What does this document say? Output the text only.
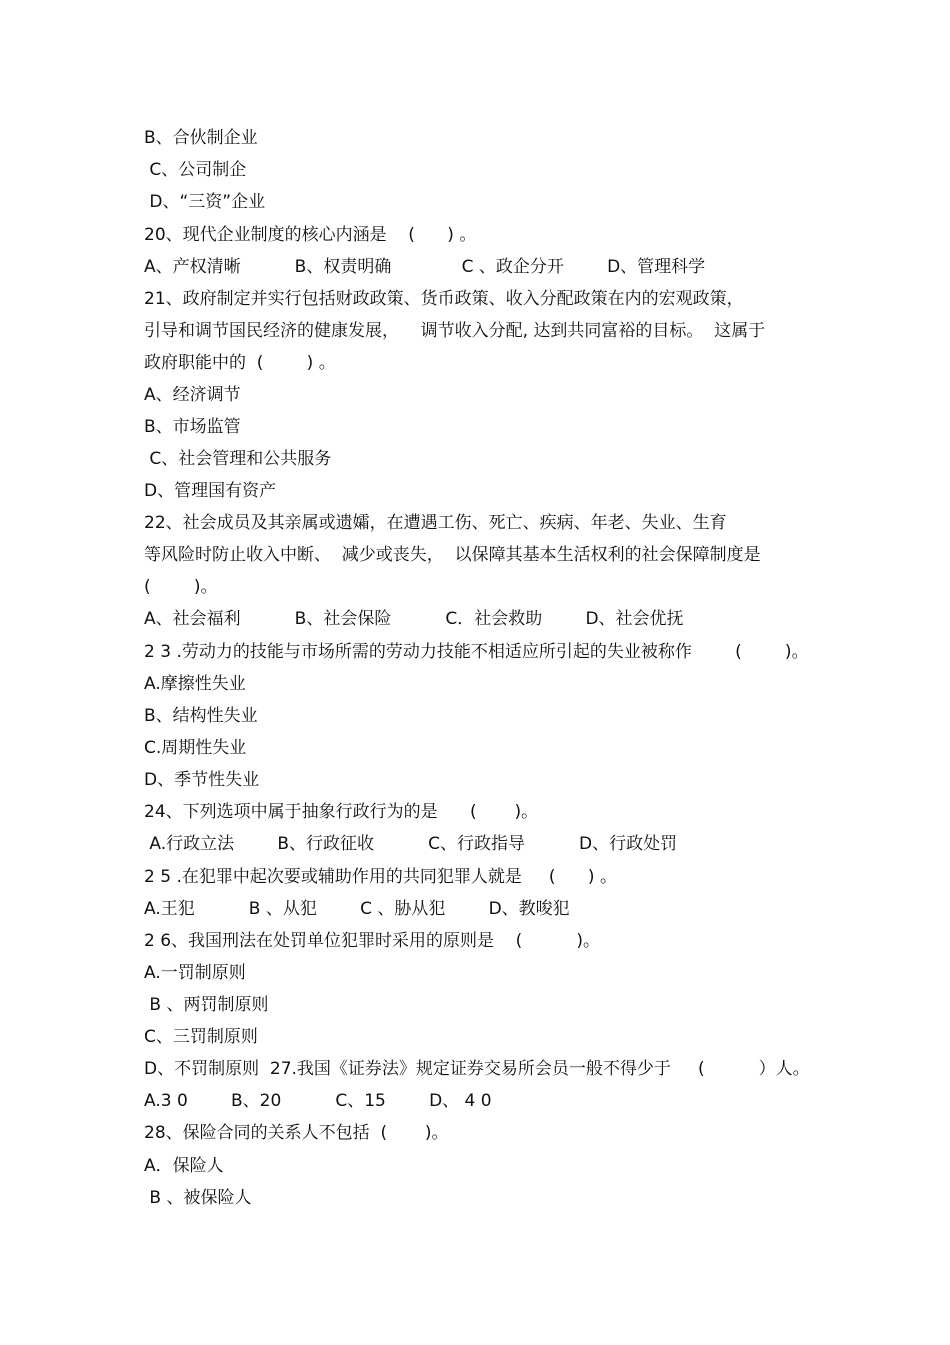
B、合伙制企业
C、公司制企
D、“三资”企业
20、现代企业制度的核心内涵是    (      ) 。
A、产权清晰          B、权责明确             C 、政企分开        D、管理科学
21、政府制定并实行包括财政政策、货币政策、收入分配政策在内的宏观政策，
引导和调节国民经济的健康发展，    调节收入分配, 达到共同富裕的目标。  这属于
政府职能中的  (        ) 。
A、经济调节
B、市场监管
C、社会管理和公共服务
D、管理国有资产
22、社会成员及其亲属或遗孀，在遭遇工伤、死亡、疾病、年老、失业、生育
等风险时防止收入中断、  减少或丧失，  以保障其基本生活权利的社会保障制度是
(        )。
A、社会福利          B、社会保险          C．社会救助        D、社会优抚
2 3 .劳动力的技能与市场所需的劳动力技能不相适应所引起的失业被称作        (        )。
A.摩擦性失业
B、结构性失业
C.周期性失业
D、季节性失业
24、下列选项中属于抽象行政行为的是      (       )。
A.行政立法        B、行政征收          C、行政指导          D、行政处罚
2 5 .在犯罪中起次要或辅助作用的共同犯罪人就是     (      ) 。
A.王犯          B 、从犯        C 、胁从犯        D、教唆犯
2 6、我国刑法在处罚单位犯罪时采用的原则是    (          )。
A.一罚制原则
B 、两罚制原则
C、三罚制原则
D、不罚制原则  27.我国《证券法》规定证券交易所会员一般不得少于     (          ）人。
A.3 0        B、20          C、15        D、 4 0
28、保险合同的关系人不包括  (       )。
A．保险人
B 、被保险人
